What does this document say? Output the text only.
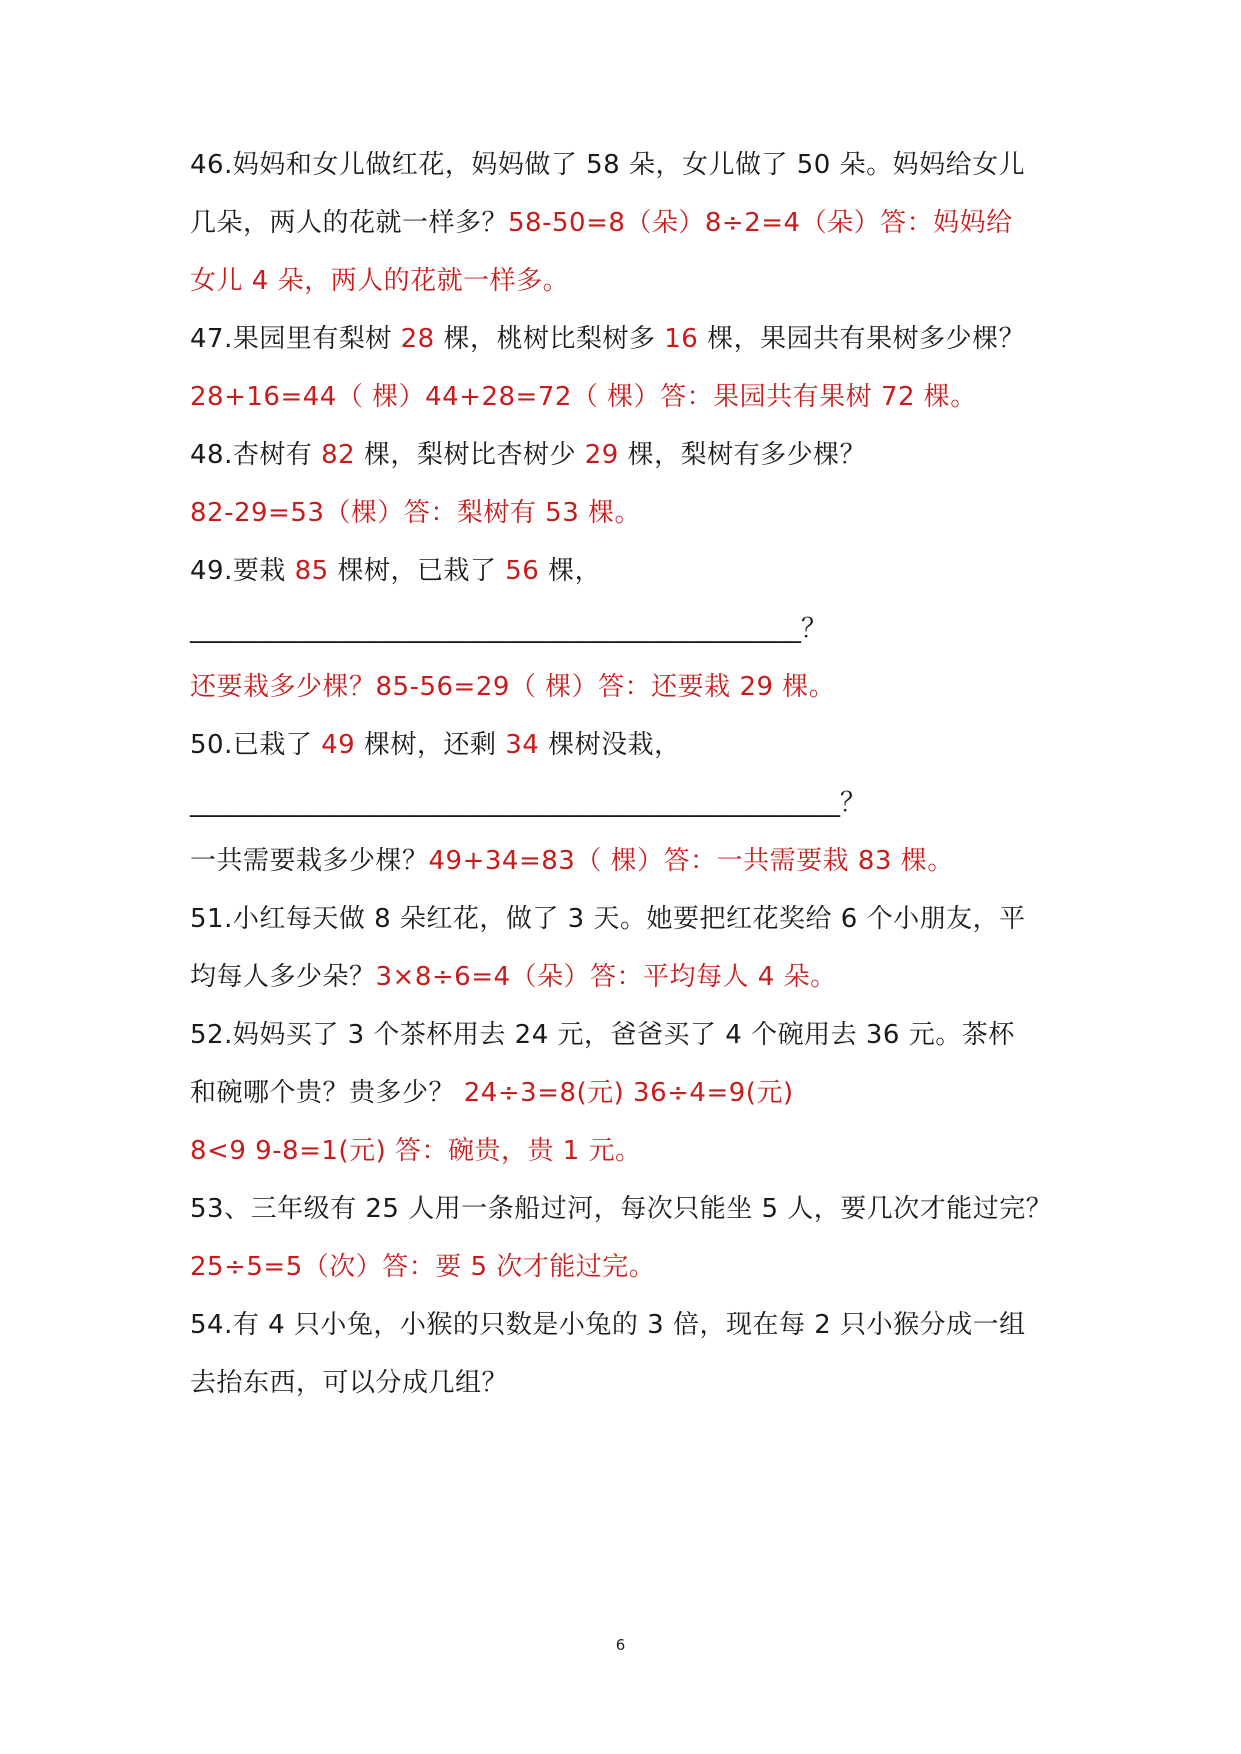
46.妈妈和女儿做红花，妈妈做了 58 朵，女儿做了 50 朵。妈妈给女儿
几朵，两人的花就一样多？58-50=8（朵）8÷2=4（朵）答：妈妈给
女儿 4 朵，两人的花就一样多。
47.果园里有梨树 28 棵，桃树比梨树多 16 棵，果园共有果树多少棵？
28+16=44（ 棵）44+28=72（ 棵）答：果园共有果树 72 棵。
48.杏树有 82 棵，梨树比杏树少 29 棵，梨树有多少棵？
82-29=53（棵）答：梨树有 53 棵。
49.要栽 85 棵树，已栽了 56 棵，
_______________________________________________？
还要栽多少棵？85-56=29（ 棵）答：还要栽 29 棵。
50.已栽了 49 棵树，还剩 34 棵树没栽，
__________________________________________________？
一共需要栽多少棵？49+34=83（ 棵）答：一共需要栽 83 棵。
51.小红每天做 8 朵红花，做了 3 天。她要把红花奖给 6 个小朋友，平
均每人多少朵？3×8÷6=4（朵）答：平均每人 4 朵。
52.妈妈买了 3 个茶杯用去 24 元，爸爸买了 4 个碗用去 36 元。茶杯
和碗哪个贵？贵多少？ 24÷3=8(元) 36÷4=9(元)
8<9 9-8=1(元) 答：碗贵，贵 1 元。
53、三年级有 25 人用一条船过河，每次只能坐 5 人，要几次才能过完？
25÷5=5（次）答：要 5 次才能过完。
54.有 4 只小兔，小猴的只数是小兔的 3 倍，现在每 2 只小猴分成一组
去抬东西，可以分成几组？
6
